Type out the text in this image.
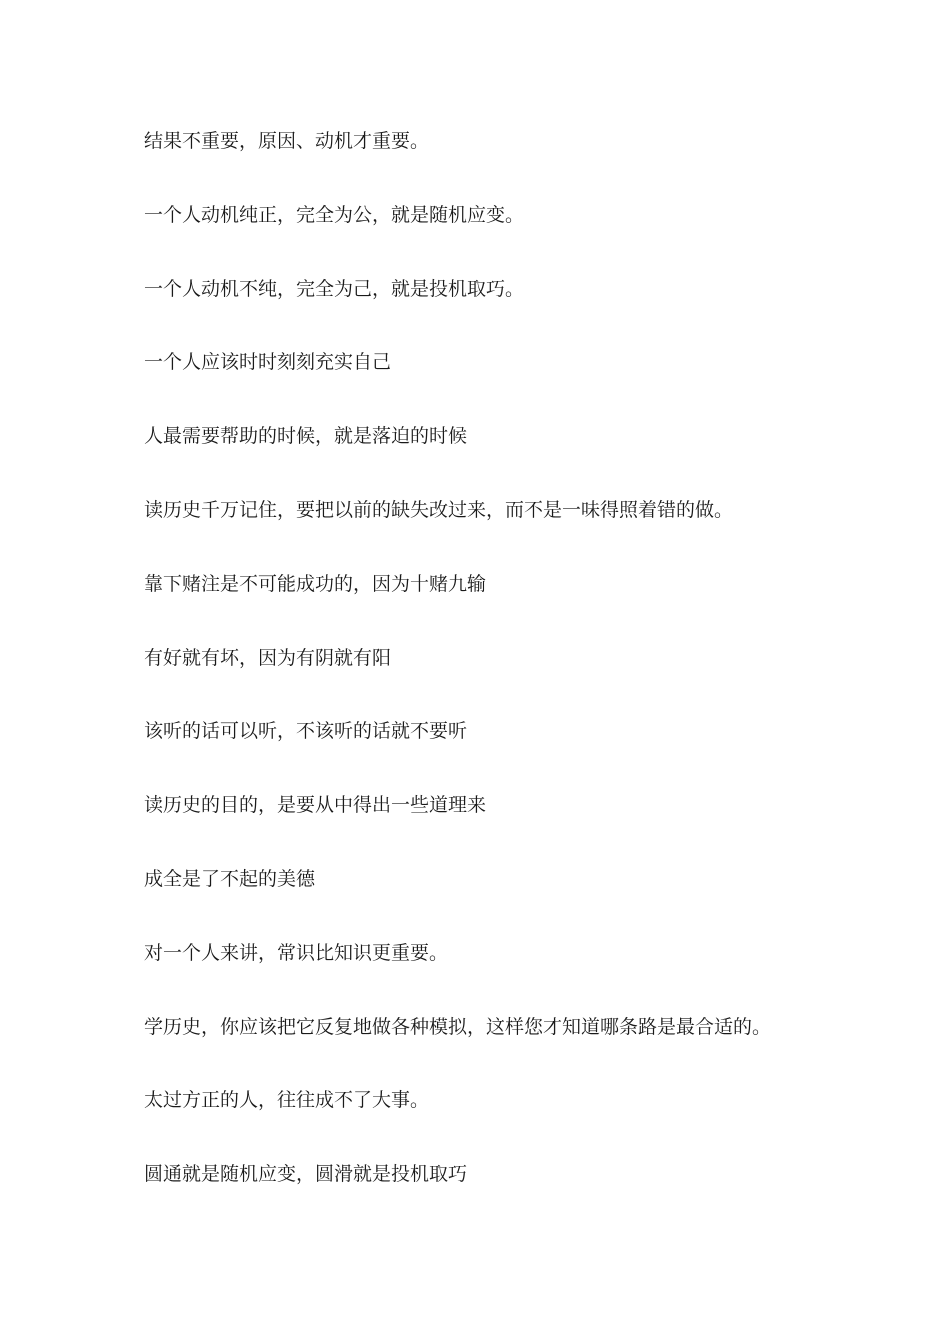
结果不重要，原因、动机才重要。
一个人动机纯正，完全为公，就是随机应变。
一个人动机不纯，完全为己，就是投机取巧。
一个人应该时时刻刻充实自己
人最需要帮助的时候，就是落迫的时候
读历史千万记住，要把以前的缺失改过来，而不是一味得照着错的做。
靠下赌注是不可能成功的，因为十赌九输
有好就有坏，因为有阴就有阳
该听的话可以听，不该听的话就不要听
读历史的目的，是要从中得出一些道理来
成全是了不起的美德
对一个人来讲，常识比知识更重要。
学历史，你应该把它反复地做各种模拟，这样您才知道哪条路是最合适的。
太过方正的人，往往成不了大事。
圆通就是随机应变，圆滑就是投机取巧
